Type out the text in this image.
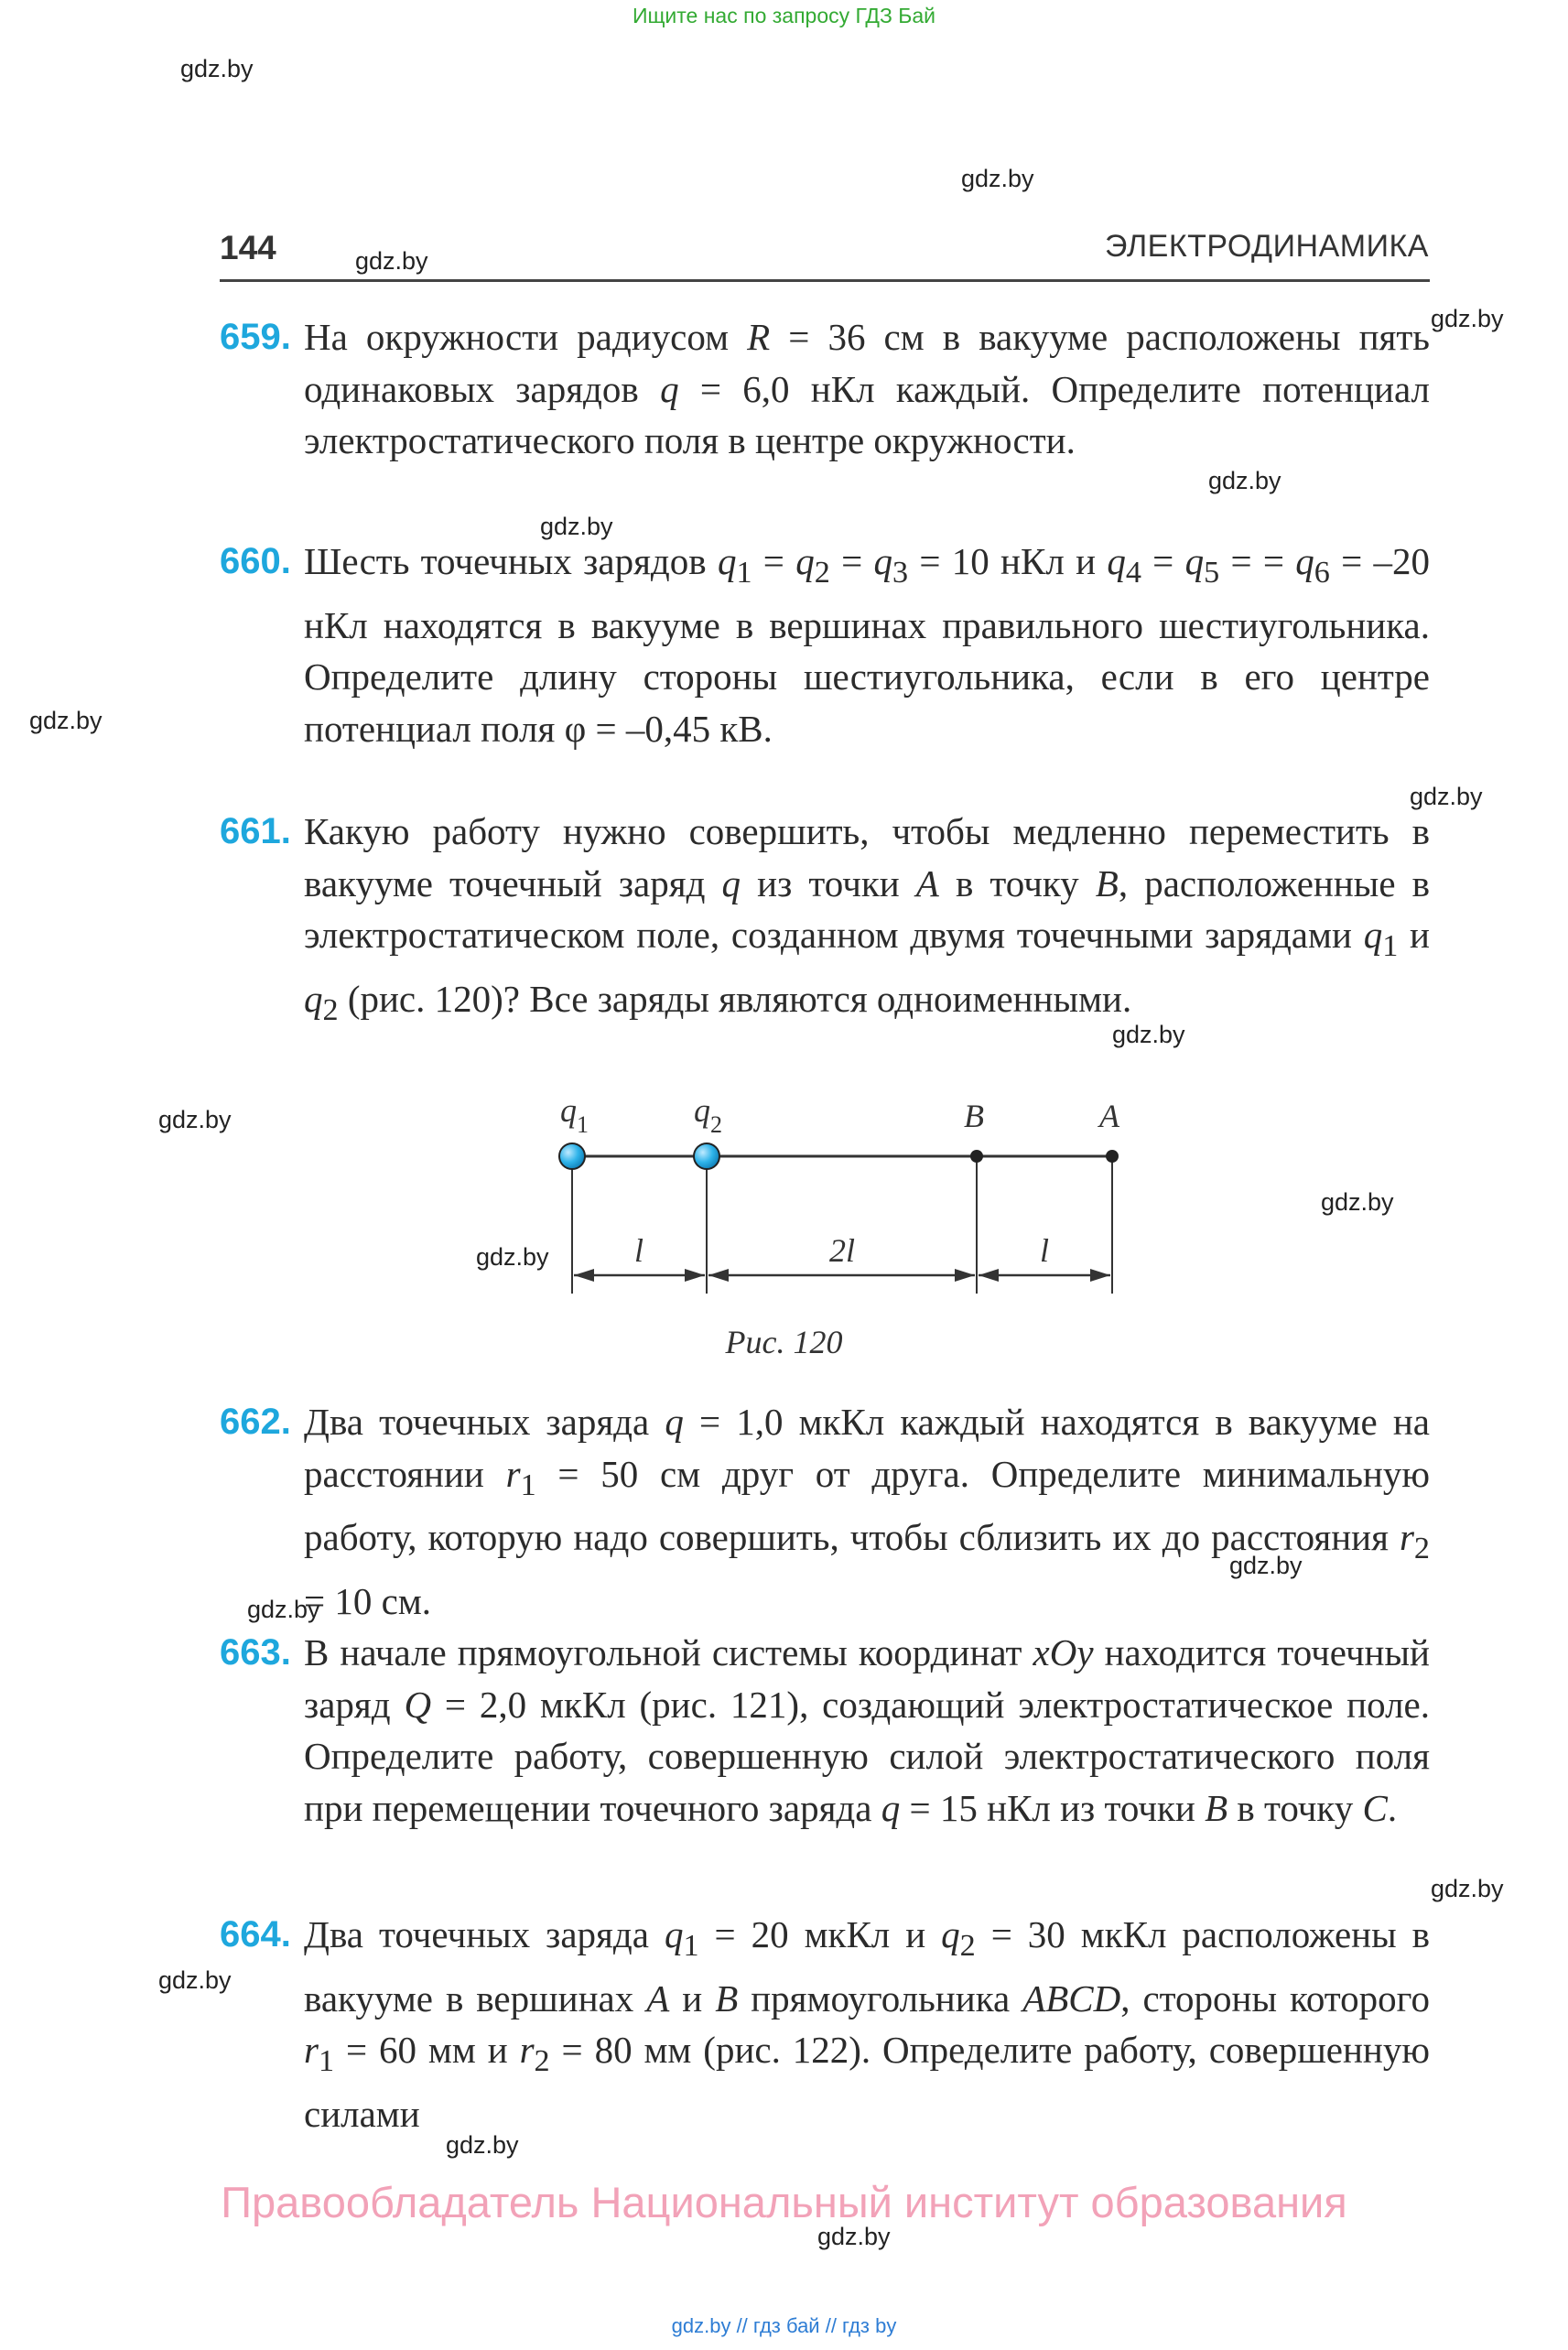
Ищите нас по запросу ГДЗ Бай
gdz.by
gdz.by
gdz.by
gdz.by
gdz.by
gdz.by
gdz.by
gdz.by
gdz.by
gdz.by
gdz.by
gdz.by
gdz.by
gdz.by
gdz.by
gdz.by
gdz.by
gdz.by
144	ЭЛЕКТРОДИНАМИКА
659. На окружности радиусом R = 36 см в вакууме расположены пять одинаковых зарядов q = 6,0 нКл каждый. Определите потенциал электростатического поля в центре окружности.
660. Шесть точечных зарядов $q_1 = q_2 = q_3 = 10$ нКл и $q_4 = q_5$ = = $q_6 = -20$ нКл находятся в вакууме в вершинах правильного шестиугольника. Определите длину стороны шестиугольника, если в его центре потенциал поля φ = –0,45 кВ.
661. Какую работу нужно совершить, чтобы медленно переместить в вакууме точечный заряд q из точки A в точку B, расположенные в электростатическом поле, созданном двумя точечными зарядами $q_1$ и $q_2$ (рис. 120)? Все заряды являются одноименными.
$q_1$	$q_2$	B	A
l	2l	l
Рис. 120
662. Два точечных заряда q = 1,0 мкКл каждый находятся в вакууме на расстоянии $r_1 = 50$ см друг от друга. Определите минимальную работу, которую надо совершить, чтобы сблизить их до расстояния $r_2 = 10$ см.
663. В начале прямоугольной системы координат xOy находится точечный заряд Q = 2,0 мкКл (рис. 121), создающий электростатическое поле. Определите работу, совершенную силой электростатического поля при перемещении точечного заряда q = 15 нКл из точки B в точку C.
664. Два точечных заряда $q_1 = 20$ мкКл и $q_2 = 30$ мкКл расположены в вакууме в вершинах A и B прямоугольника ABCD, стороны которого $r_1 = 60$ мм и $r_2 = 80$ мм (рис. 122). Определите работу, совершенную силами
Правообладатель Национальный институт образования
gdz.by // гдз бай // гдз by
